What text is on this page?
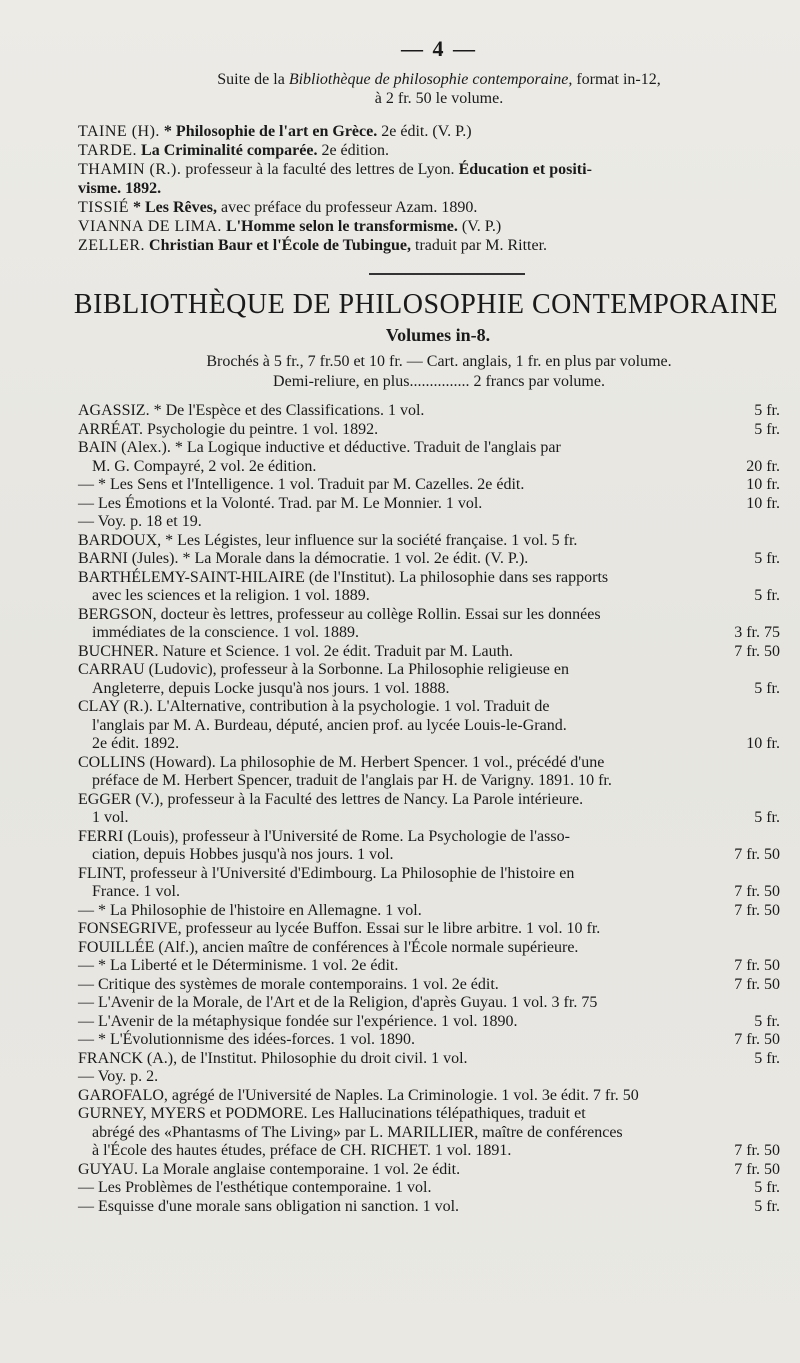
— 4 —
Suite de la Bibliothèque de philosophie contemporaine, format in-12,
à 2 fr. 50 le volume.
TAINE (H). * Philosophie de l'art en Grèce. 2e édit. (V. P.)
TARDE. La Criminalité comparée. 2e édition.
THAMIN (R.). professeur à la faculté des lettres de Lyon. Éducation et positi-
visme. 1892.
TISSIÉ * Les Rêves, avec préface du professeur Azam. 1890.
VIANNA DE LIMA. L'Homme selon le transformisme. (V. P.)
ZELLER. Christian Baur et l'École de Tubingue, traduit par M. Ritter.
BIBLIOTHÈQUE DE PHILOSOPHIE CONTEMPORAINE
Volumes in-8.
Brochés à 5 fr., 7 fr.50 et 10 fr. — Cart. anglais, 1 fr. en plus par volume.
Demi-reliure, en plus............... 2 francs par volume.
AGASSIZ. * De l'Espèce et des Classifications. 1 vol.	5 fr.
ARRÉAT. Psychologie du peintre. 1 vol. 1892.	5 fr.
BAIN (Alex.). * La Logique inductive et déductive. Traduit de l'anglais par
M. G. Compayré, 2 vol. 2e édition.	20 fr.
— * Les Sens et l'Intelligence. 1 vol. Traduit par M. Cazelles. 2e édit.	10 fr.
— Les Émotions et la Volonté. Trad. par M. Le Monnier. 1 vol.	10 fr.
— Voy. p. 18 et 19.
BARDOUX, * Les Légistes, leur influence sur la société française. 1 vol. 5 fr.
BARNI (Jules). * La Morale dans la démocratie. 1 vol. 2e édit. (V. P.).	5 fr.
BARTHÉLEMY-SAINT-HILAIRE (de l'Institut). La philosophie dans ses rapports
avec les sciences et la religion. 1 vol. 1889.	5 fr.
BERGSON, docteur ès lettres, professeur au collège Rollin. Essai sur les données
immédiates de la conscience. 1 vol. 1889.	3 fr. 75
BUCHNER. Nature et Science. 1 vol. 2e édit. Traduit par M. Lauth.	7 fr. 50
CARRAU (Ludovic), professeur à la Sorbonne. La Philosophie religieuse en
Angleterre, depuis Locke jusqu'à nos jours. 1 vol. 1888.	5 fr.
CLAY (R.). L'Alternative, contribution à la psychologie. 1 vol. Traduit de
l'anglais par M. A. Burdeau, député, ancien prof. au lycée Louis-le-Grand.
2e édit. 1892.	10 fr.
COLLINS (Howard). La philosophie de M. Herbert Spencer. 1 vol., précédé d'une
préface de M. Herbert Spencer, traduit de l'anglais par H. de Varigny. 1891. 10 fr.
EGGER (V.), professeur à la Faculté des lettres de Nancy. La Parole intérieure.
1 vol.	5 fr.
FERRI (Louis), professeur à l'Université de Rome. La Psychologie de l'asso-
ciation, depuis Hobbes jusqu'à nos jours. 1 vol.	7 fr. 50
FLINT, professeur à l'Université d'Edimbourg. La Philosophie de l'histoire en
France. 1 vol.	7 fr. 50
— * La Philosophie de l'histoire en Allemagne. 1 vol.	7 fr. 50
FONSEGRIVE, professeur au lycée Buffon. Essai sur le libre arbitre. 1 vol. 10 fr.
FOUILLÉE (Alf.), ancien maître de conférences à l'École normale supérieure.
— * La Liberté et le Déterminisme. 1 vol. 2e édit.	7 fr. 50
— Critique des systèmes de morale contemporains. 1 vol. 2e édit.	7 fr. 50
— L'Avenir de la Morale, de l'Art et de la Religion, d'après Guyau. 1 vol. 3 fr. 75
— L'Avenir de la métaphysique fondée sur l'expérience. 1 vol. 1890.	5 fr.
— * L'Évolutionnisme des idées-forces. 1 vol. 1890.	7 fr. 50
FRANCK (A.), de l'Institut. Philosophie du droit civil. 1 vol.	5 fr.
— Voy. p. 2.
GAROFALO, agrégé de l'Université de Naples. La Criminologie. 1 vol. 3e édit. 7 fr. 50
GURNEY, MYERS et PODMORE. Les Hallucinations télépathiques, traduit et
abrégé des «Phantasms of The Living» par L. MARILLIER, maître de conférences
à l'École des hautes études, préface de CH. RICHET. 1 vol. 1891.	7 fr. 50
GUYAU. La Morale anglaise contemporaine. 1 vol. 2e édit.	7 fr. 50
— Les Problèmes de l'esthétique contemporaine. 1 vol.	5 fr.
— Esquisse d'une morale sans obligation ni sanction. 1 vol.	5 fr.
